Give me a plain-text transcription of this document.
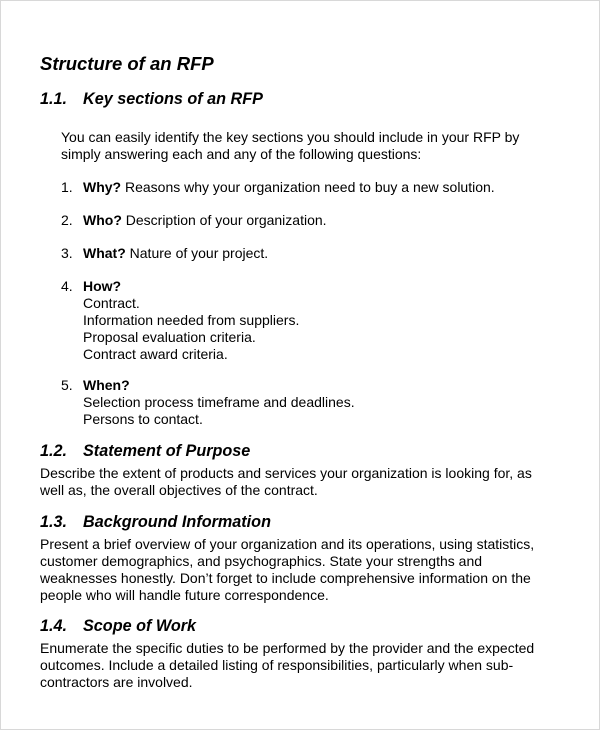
Structure of an RFP
1.1. Key sections of an RFP

You can easily identify the key sections you should include in your RFP by
simply answering each and any of the following questions:

1. Why? Reasons why your organization need to buy a new solution.
2. Who? Description of your organization.
3. What? Nature of your project.
4. How?
Contract.
Information needed from suppliers.
Proposal evaluation criteria.
Contract award criteria.
5. When?
Selection process timeframe and deadlines.
Persons to contact.
1.2. Statement of Purpose

Describe the extent of products and services your organization is looking for, as
well as, the overall objectives of the contract.

1.3. Background Information

Present a brief overview of your organization and its operations, using statistics,
customer demographics, and psychographics. State your strengths and
weaknesses honestly. Don’t forget to include comprehensive information on the
people who will handle future correspondence.

1.4. Scope of Work

Enumerate the specific duties to be performed by the provider and the expected
outcomes. Include a detailed listing of responsibilities, particularly when sub-
contractors are involved.
